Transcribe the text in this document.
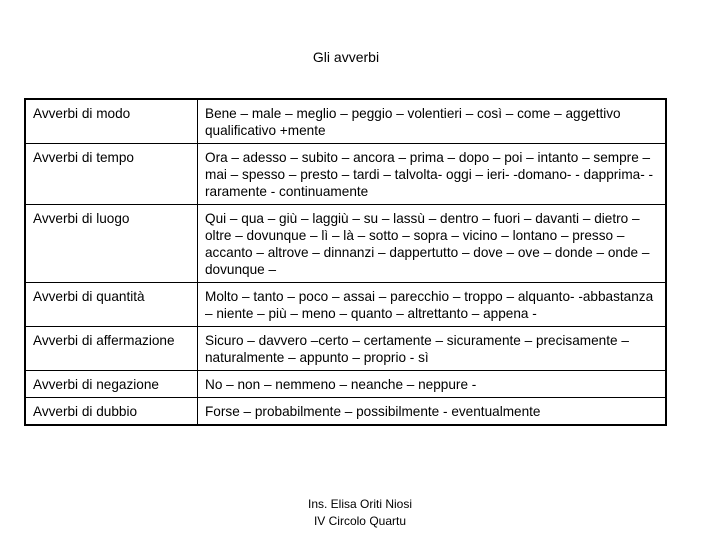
Gli avverbi
Avverbi di modo	Bene – male – meglio – peggio – volentieri – così – come – aggettivo qualificativo +mente
Avverbi di tempo	Ora – adesso – subito – ancora – prima – dopo – poi – intanto – sempre – mai – spesso – presto – tardi – talvolta- oggi – ieri- -domano- - dapprima- -raramente - continuamente
Avverbi di luogo	Qui – qua – giù – laggiù – su – lassù – dentro – fuori – davanti – dietro – oltre – dovunque – lì – là – sotto – sopra – vicino – lontano – presso – accanto – altrove – dinnanzi – dappertutto – dove – ove – donde – onde – dovunque –
Avverbi di quantità	Molto – tanto – poco – assai – parecchio – troppo – alquanto- -abbastanza – niente – più – meno – quanto – altrettanto – appena -
Avverbi di affermazione	Sicuro – davvero –certo – certamente – sicuramente – precisamente – naturalmente – appunto – proprio - sì
Avverbi di negazione	No – non – nemmeno – neanche – neppure -
Avverbi di dubbio	Forse – probabilmente – possibilmente - eventualmente
Ins. Elisa Oriti Niosi
IV Circolo Quartu
